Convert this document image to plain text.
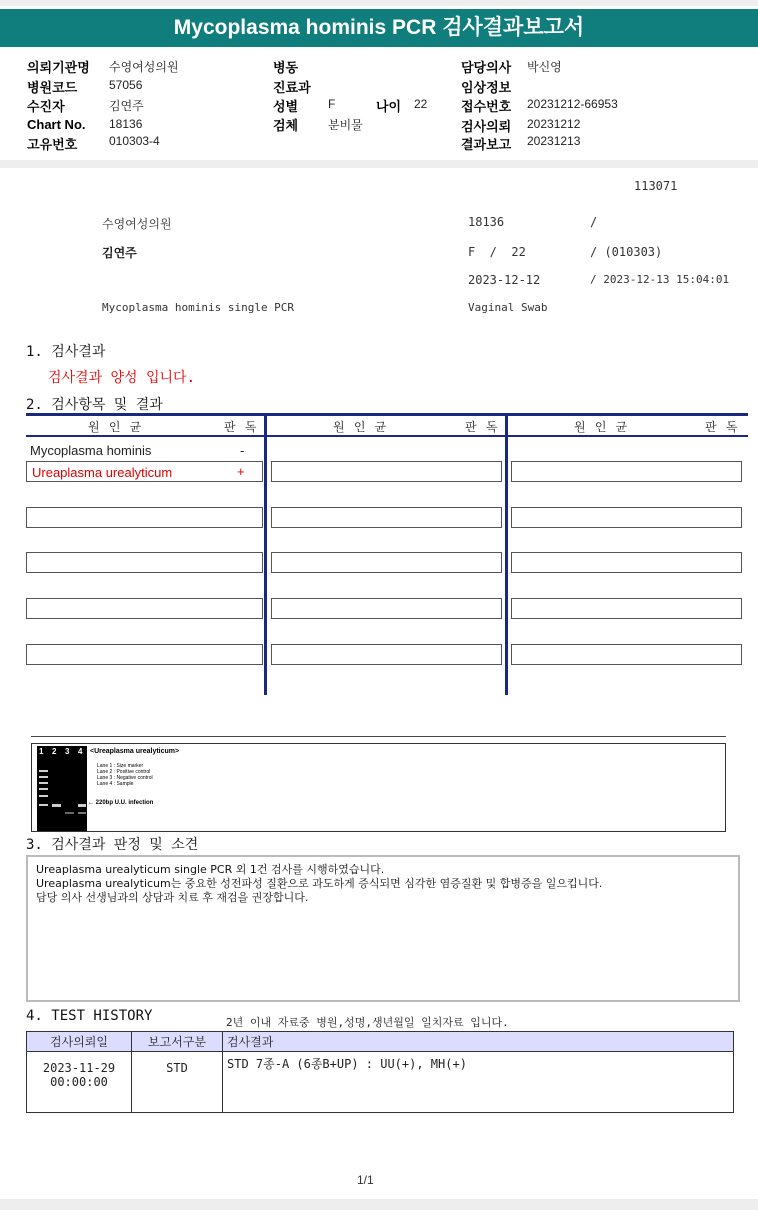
Mycoplasma hominis PCR 검사결과보고서
의뢰기관명 수영여성의원
병원코드	57056
수진자	김연주
Chart No. 18136
고유번호	010303-4
병동
진료과
성별 F	나이 22
검체 분비물
담당의사 박신영
임상정보
접수번호 20231212-66953
검사의뢰 20231212
결과보고 20231213
113071
수영여성의원	18136	/
김연주	F  /  22	/ (010303)
2023-12-12	/ 2023-12-13 15:04:01
Mycoplasma hominis single PCR	Vaginal Swab
1. 검사결과
검사결과 양성 입니다.
2. 검사항목 및 결과
원 인 균	판 독	원 인 균	판 독	원 인 균	판 독
Mycoplasma hominis	-
Ureaplasma urealyticum	+
1 2 3 4 <Ureaplasma urealyticum>
Lane 1 : Size marker
Lane 2 : Positive control
Lane 3 : Negative control
Lane 4 : Sample
← 220bp U.U. infection
3. 검사결과 판정 및 소견
Ureaplasma urealyticum single PCR 외 1건 검사를 시행하였습니다.
Ureaplasma urealyticum는 중요한 성전파성 질환으로 과도하게 증식되면 심각한 염증질환 및 합병증을 일으킵니다.
담당 의사 선생님과의 상담과 치료 후 재검을 권장합니다.
4. TEST HISTORY	2년 이내 자료중 병원,성명,생년월일 일치자료 입니다.
검사의뢰일	보고서구분	검사결과

2023-11-29
00:00:00	STD	STD 7종-A (6종B+UP) : UU(+), MH(+)
1/1
